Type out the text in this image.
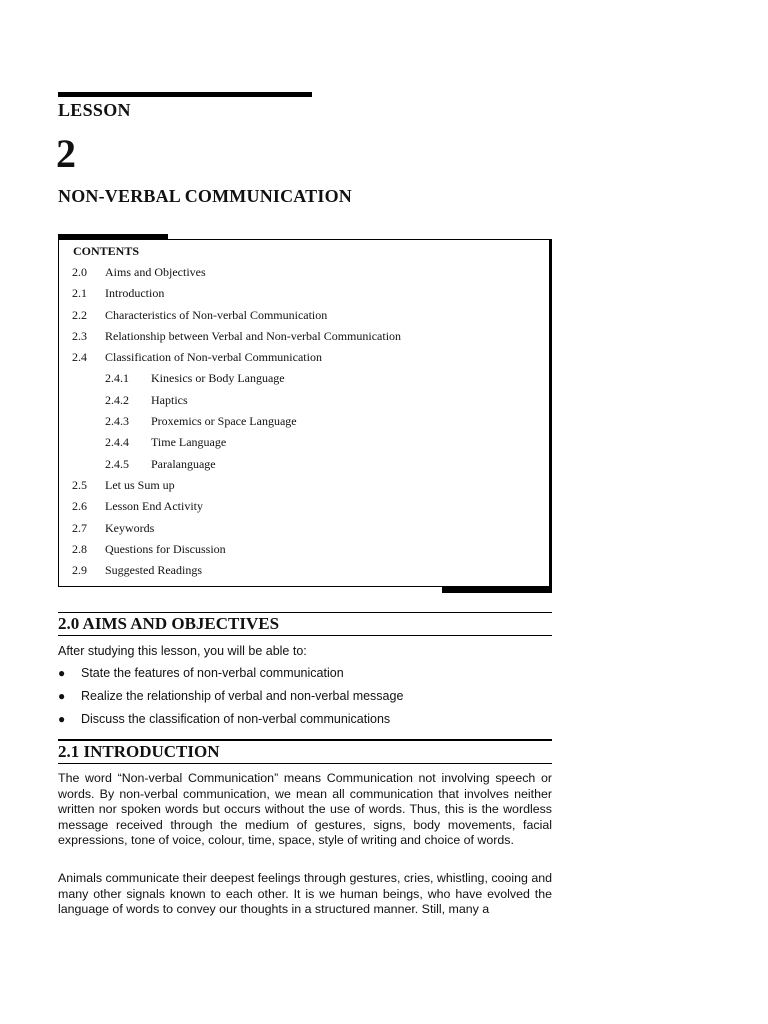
LESSON
2
NON-VERBAL COMMUNICATION
CONTENTS
2.0 Aims and Objectives
2.1 Introduction
2.2 Characteristics of Non-verbal Communication
2.3 Relationship between Verbal and Non-verbal Communication
2.4 Classification of Non-verbal Communication
2.4.1 Kinesics or Body Language
2.4.2 Haptics
2.4.3 Proxemics or Space Language
2.4.4 Time Language
2.4.5 Paralanguage
2.5 Let us Sum up
2.6 Lesson End Activity
2.7 Keywords
2.8 Questions for Discussion
2.9 Suggested Readings
2.0 AIMS AND OBJECTIVES
After studying this lesson, you will be able to:
● State the features of non-verbal communication
● Realize the relationship of verbal and non-verbal message
● Discuss the classification of non-verbal communications
2.1 INTRODUCTION

The word “Non-verbal Communication” means Communication not involving speech or words. By non-verbal communication, we mean all communication that involves neither written nor spoken words but occurs without the use of words. Thus, this is the wordless message received through the medium of gestures, signs, body movements, facial expressions, tone of voice, colour, time, space, style of writing and choice of words.

Animals communicate their deepest feelings through gestures, cries, whistling, cooing and many other signals known to each other. It is we human beings, who have evolved the language of words to convey our thoughts in a structured manner. Still, many a
